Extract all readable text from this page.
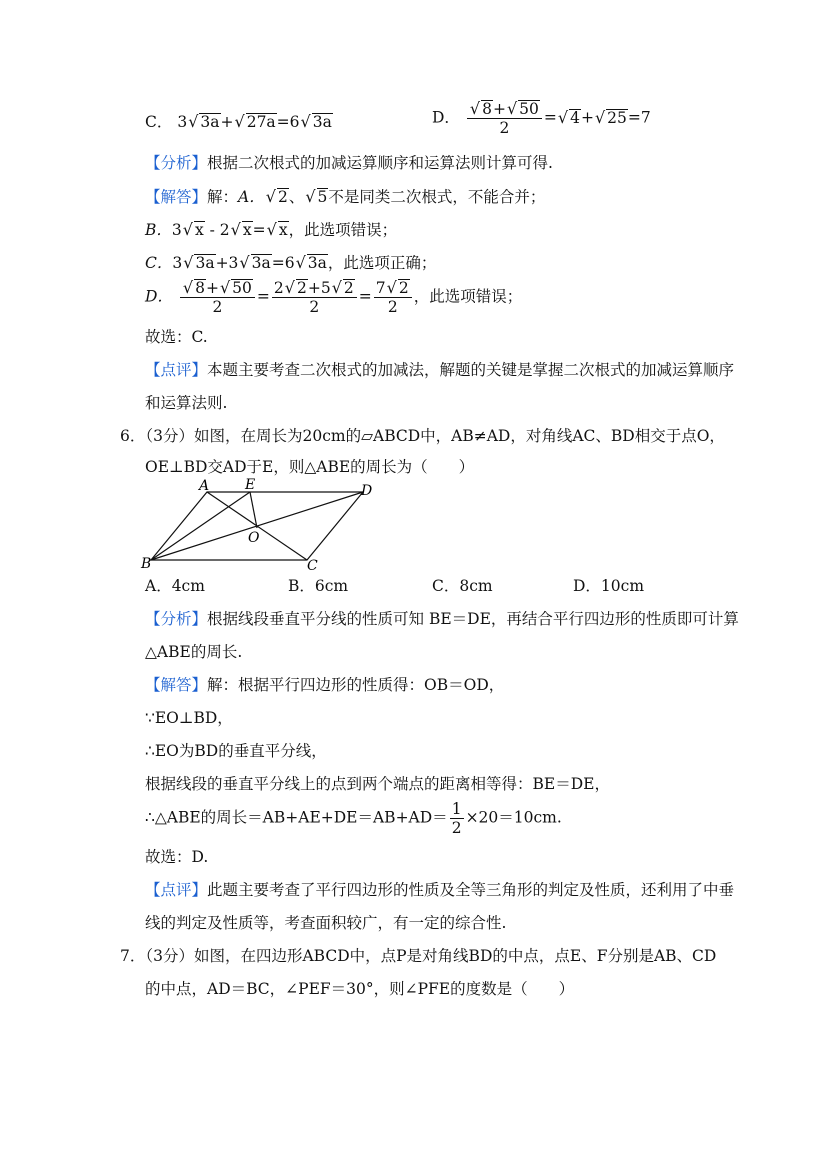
C． 3√ 3a+√ 27a=6√ 3a	D． $\frac{√ 8+√ 50}{2}$ =√ 4+√ 25=7
【分析】根据二次根式的加减运算顺序和运算法则计算可得.
【解答】解：A．√ 2、√ 5不是同类二次根式，不能合并；
B．3√ x - 2√ x=√ x，此选项错误；
C．3√ 3a+3√ 3a=6√ 3a，此选项正确；
D． $\frac{√ 8+√ 50}{2} = \frac{2√ 2+5√ 2}{2} = \frac{7√ 2}{2}$ ，此选项错误；
故选：C.
【点评】本题主要考查二次根式的加减法，解题的关键是掌握二次根式的加减运算顺序
和运算法则.
6．（3分）如图，在周长为20cm的▱ABCD中，AB≠AD，对角线AC、BD相交于点O，
OE⊥BD交AD于E，则△ABE的周长为（　　）
A	E	D
O
B	C
A．4cm	B．6cm	C．8cm	D．10cm
【分析】根据线段垂直平分线的性质可知 BE＝DE，再结合平行四边形的性质即可计算
△ABE的周长.
【解答】解：根据平行四边形的性质得：OB＝OD，
∵EO⊥BD，
∴EO为BD的垂直平分线，
根据线段的垂直平分线上的点到两个端点的距离相等得：BE＝DE，
∴△ABE的周长$=AB+AE+DE=AB+AD= \frac{1}{2} \times 20=10cm$.
故选：D.
【点评】此题主要考查了平行四边形的性质及全等三角形的判定及性质，还利用了中垂
线的判定及性质等，考查面积较广，有一定的综合性.
7．（3分）如图，在四边形ABCD中，点P是对角线BD的中点，点E、F分别是AB、CD
的中点，AD＝BC，∠PEF＝30°，则∠PFE的度数是（　　）
